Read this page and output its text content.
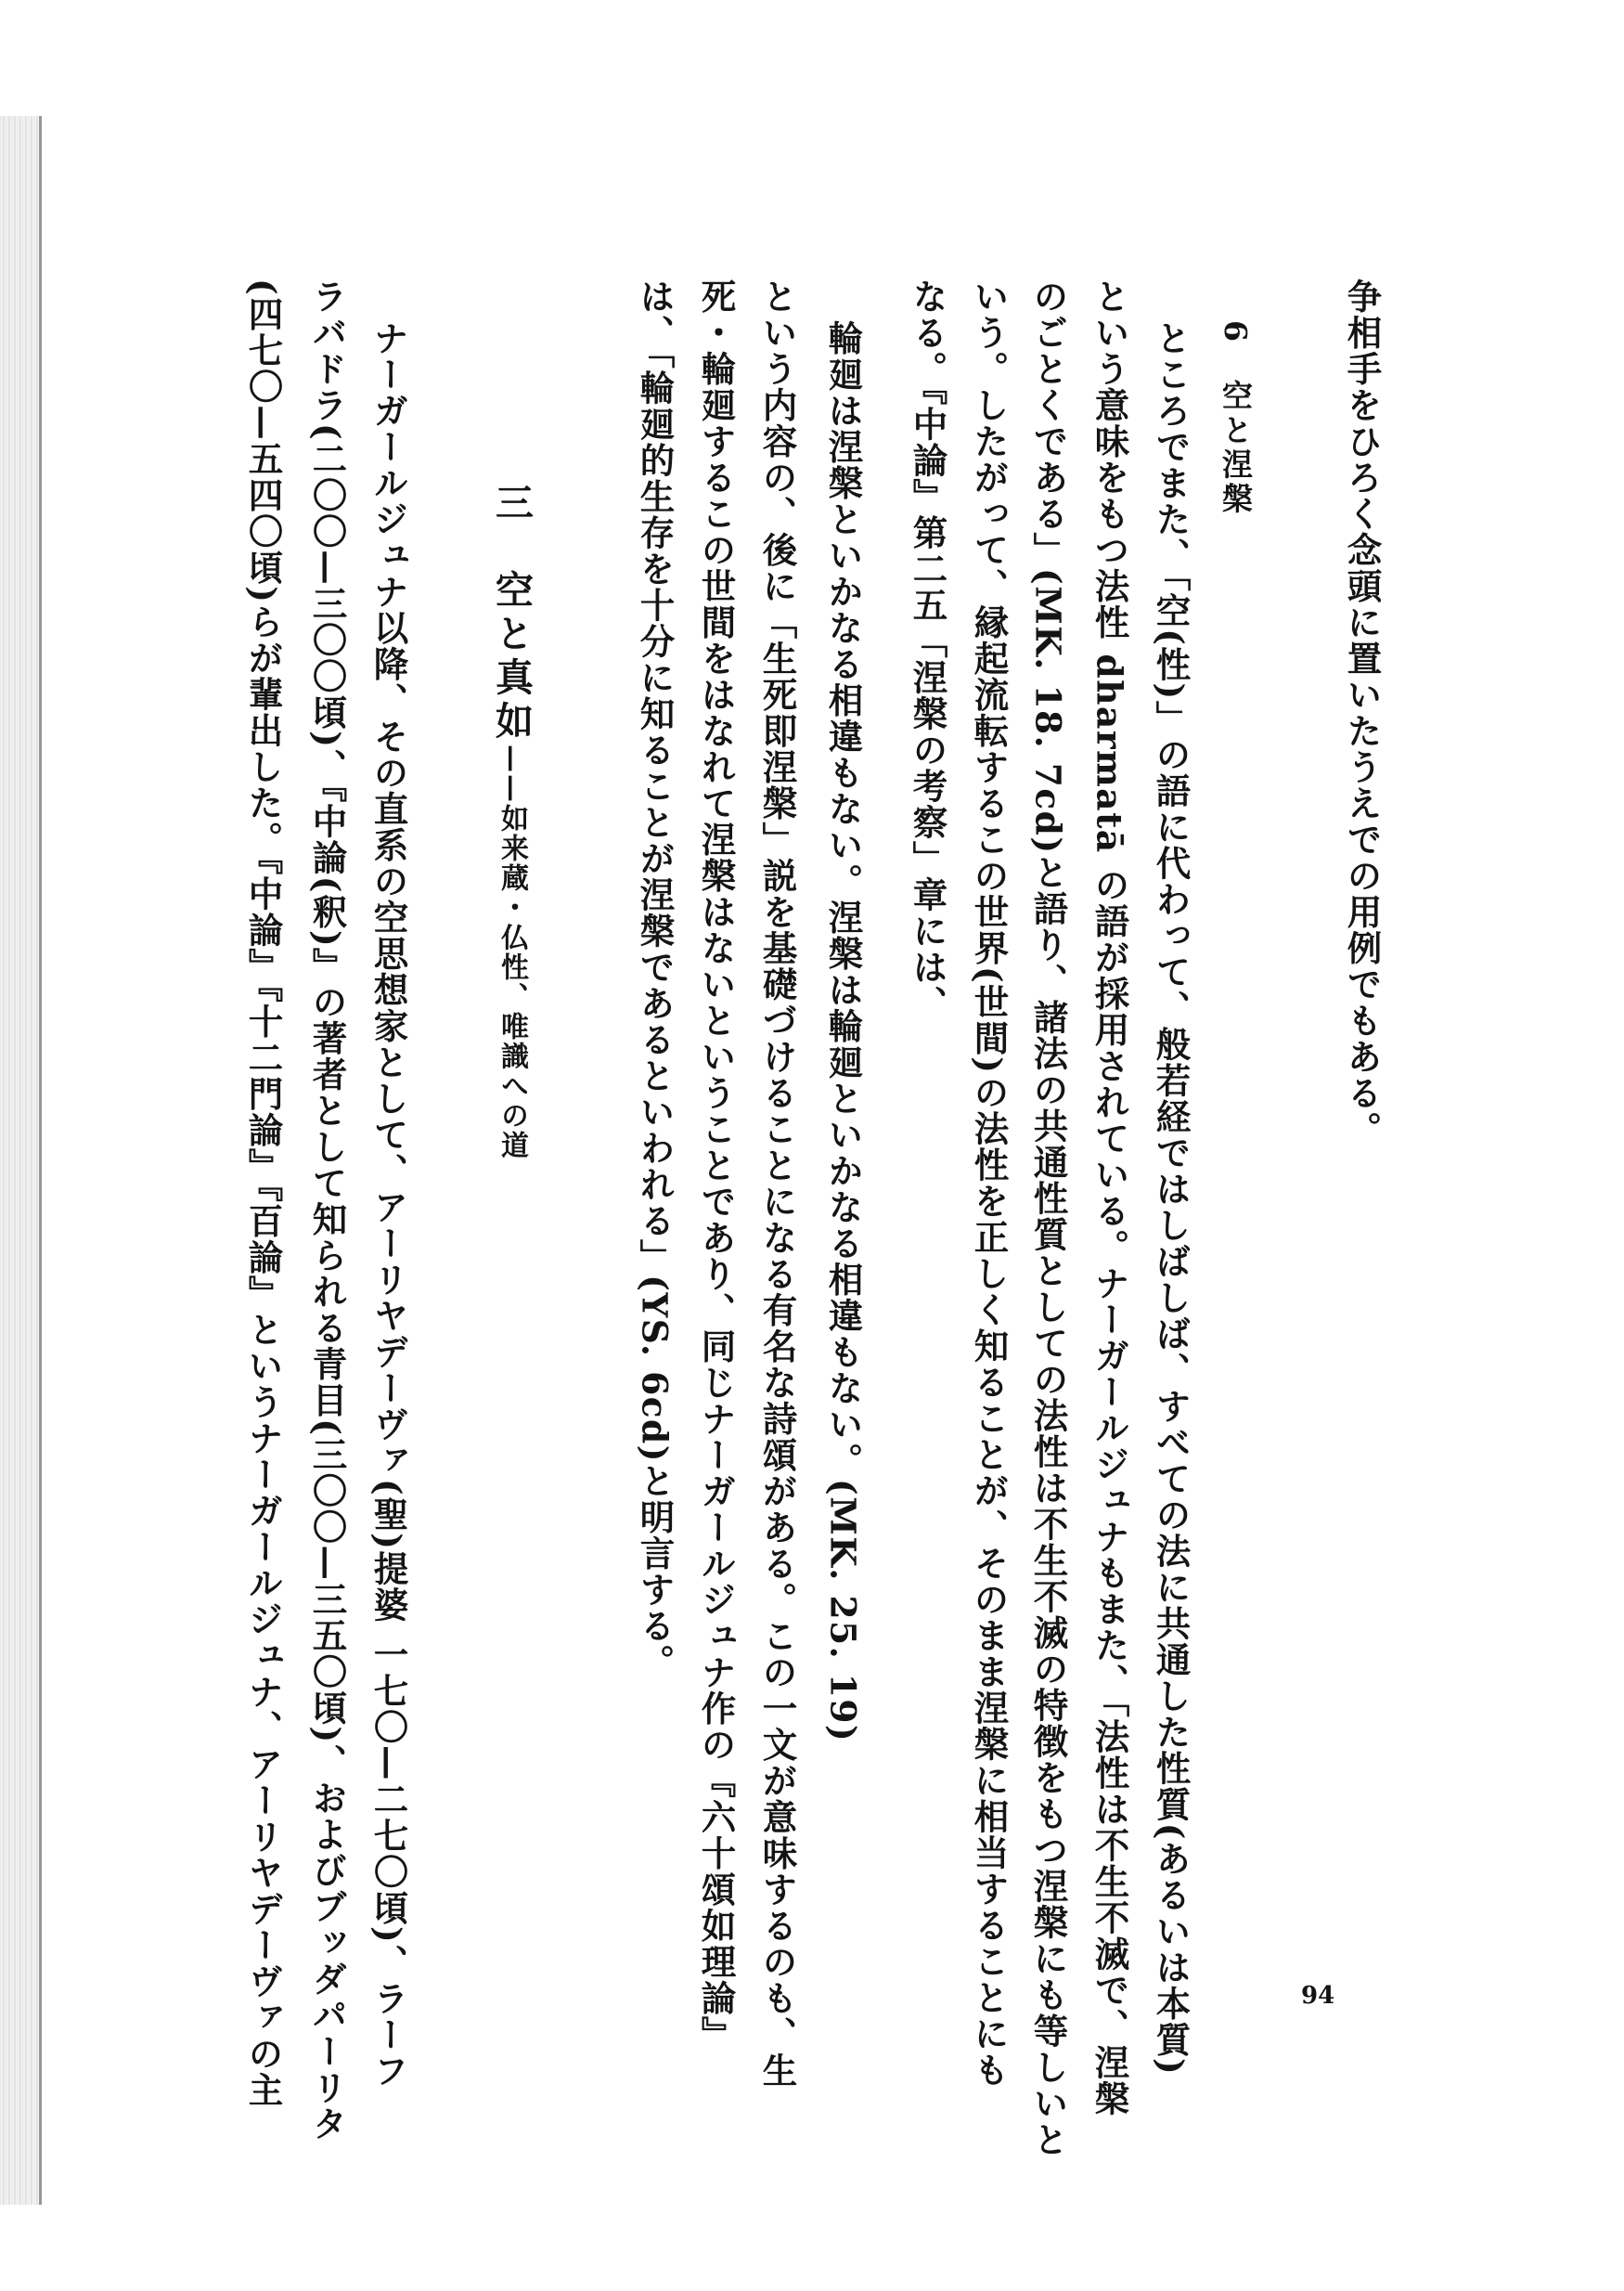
争相手をひろく念頭に置いたうえでの用例でもある。
6　空と涅槃
ところでまた、「空(性)」の語に代わって、般若経ではしばしば、すべての法に共通した性質(あるいは本質)
という意味をもつ法性 dharmatā の語が採用されている。ナーガールジュナもまた、「法性は不生不滅で、涅槃
のごとくである」(MK. 18. 7cd)と語り、諸法の共通性質としての法性は不生不滅の特徴をもつ涅槃にも等しいと
いう。したがって、縁起流転するこの世界(世間)の法性を正しく知ることが、そのまま涅槃に相当することにも
なる。『中論』第二五「涅槃の考察」章には、
輪廻は涅槃といかなる相違もない。涅槃は輪廻といかなる相違もない。(MK. 25. 19)
という内容の、後に「生死即涅槃」説を基礎づけることになる有名な詩頌がある。この一文が意味するのも、生
死・輪廻するこの世間をはなれて涅槃はないということであり、同じナーガールジュナ作の『六十頌如理論』
は、「輪廻的生存を十分に知ることが涅槃であるといわれる」(YS. 6cd)と明言する。
三　空と真如——如来蔵・仏性、唯識への道
ナーガールジュナ以降、その直系の空思想家として、アーリヤデーヴァ(聖)提婆 一七〇—二七〇頃)、ラーフ
ラバドラ(二〇〇—三〇〇頃)、『中論(釈)』の著者として知られる青目(三〇〇—三五〇頃)、およびブッダパーリタ
(四七〇—五四〇頃)らが輩出した。『中論』『十二門論』『百論』というナーガールジュナ、アーリヤデーヴァの主	94
